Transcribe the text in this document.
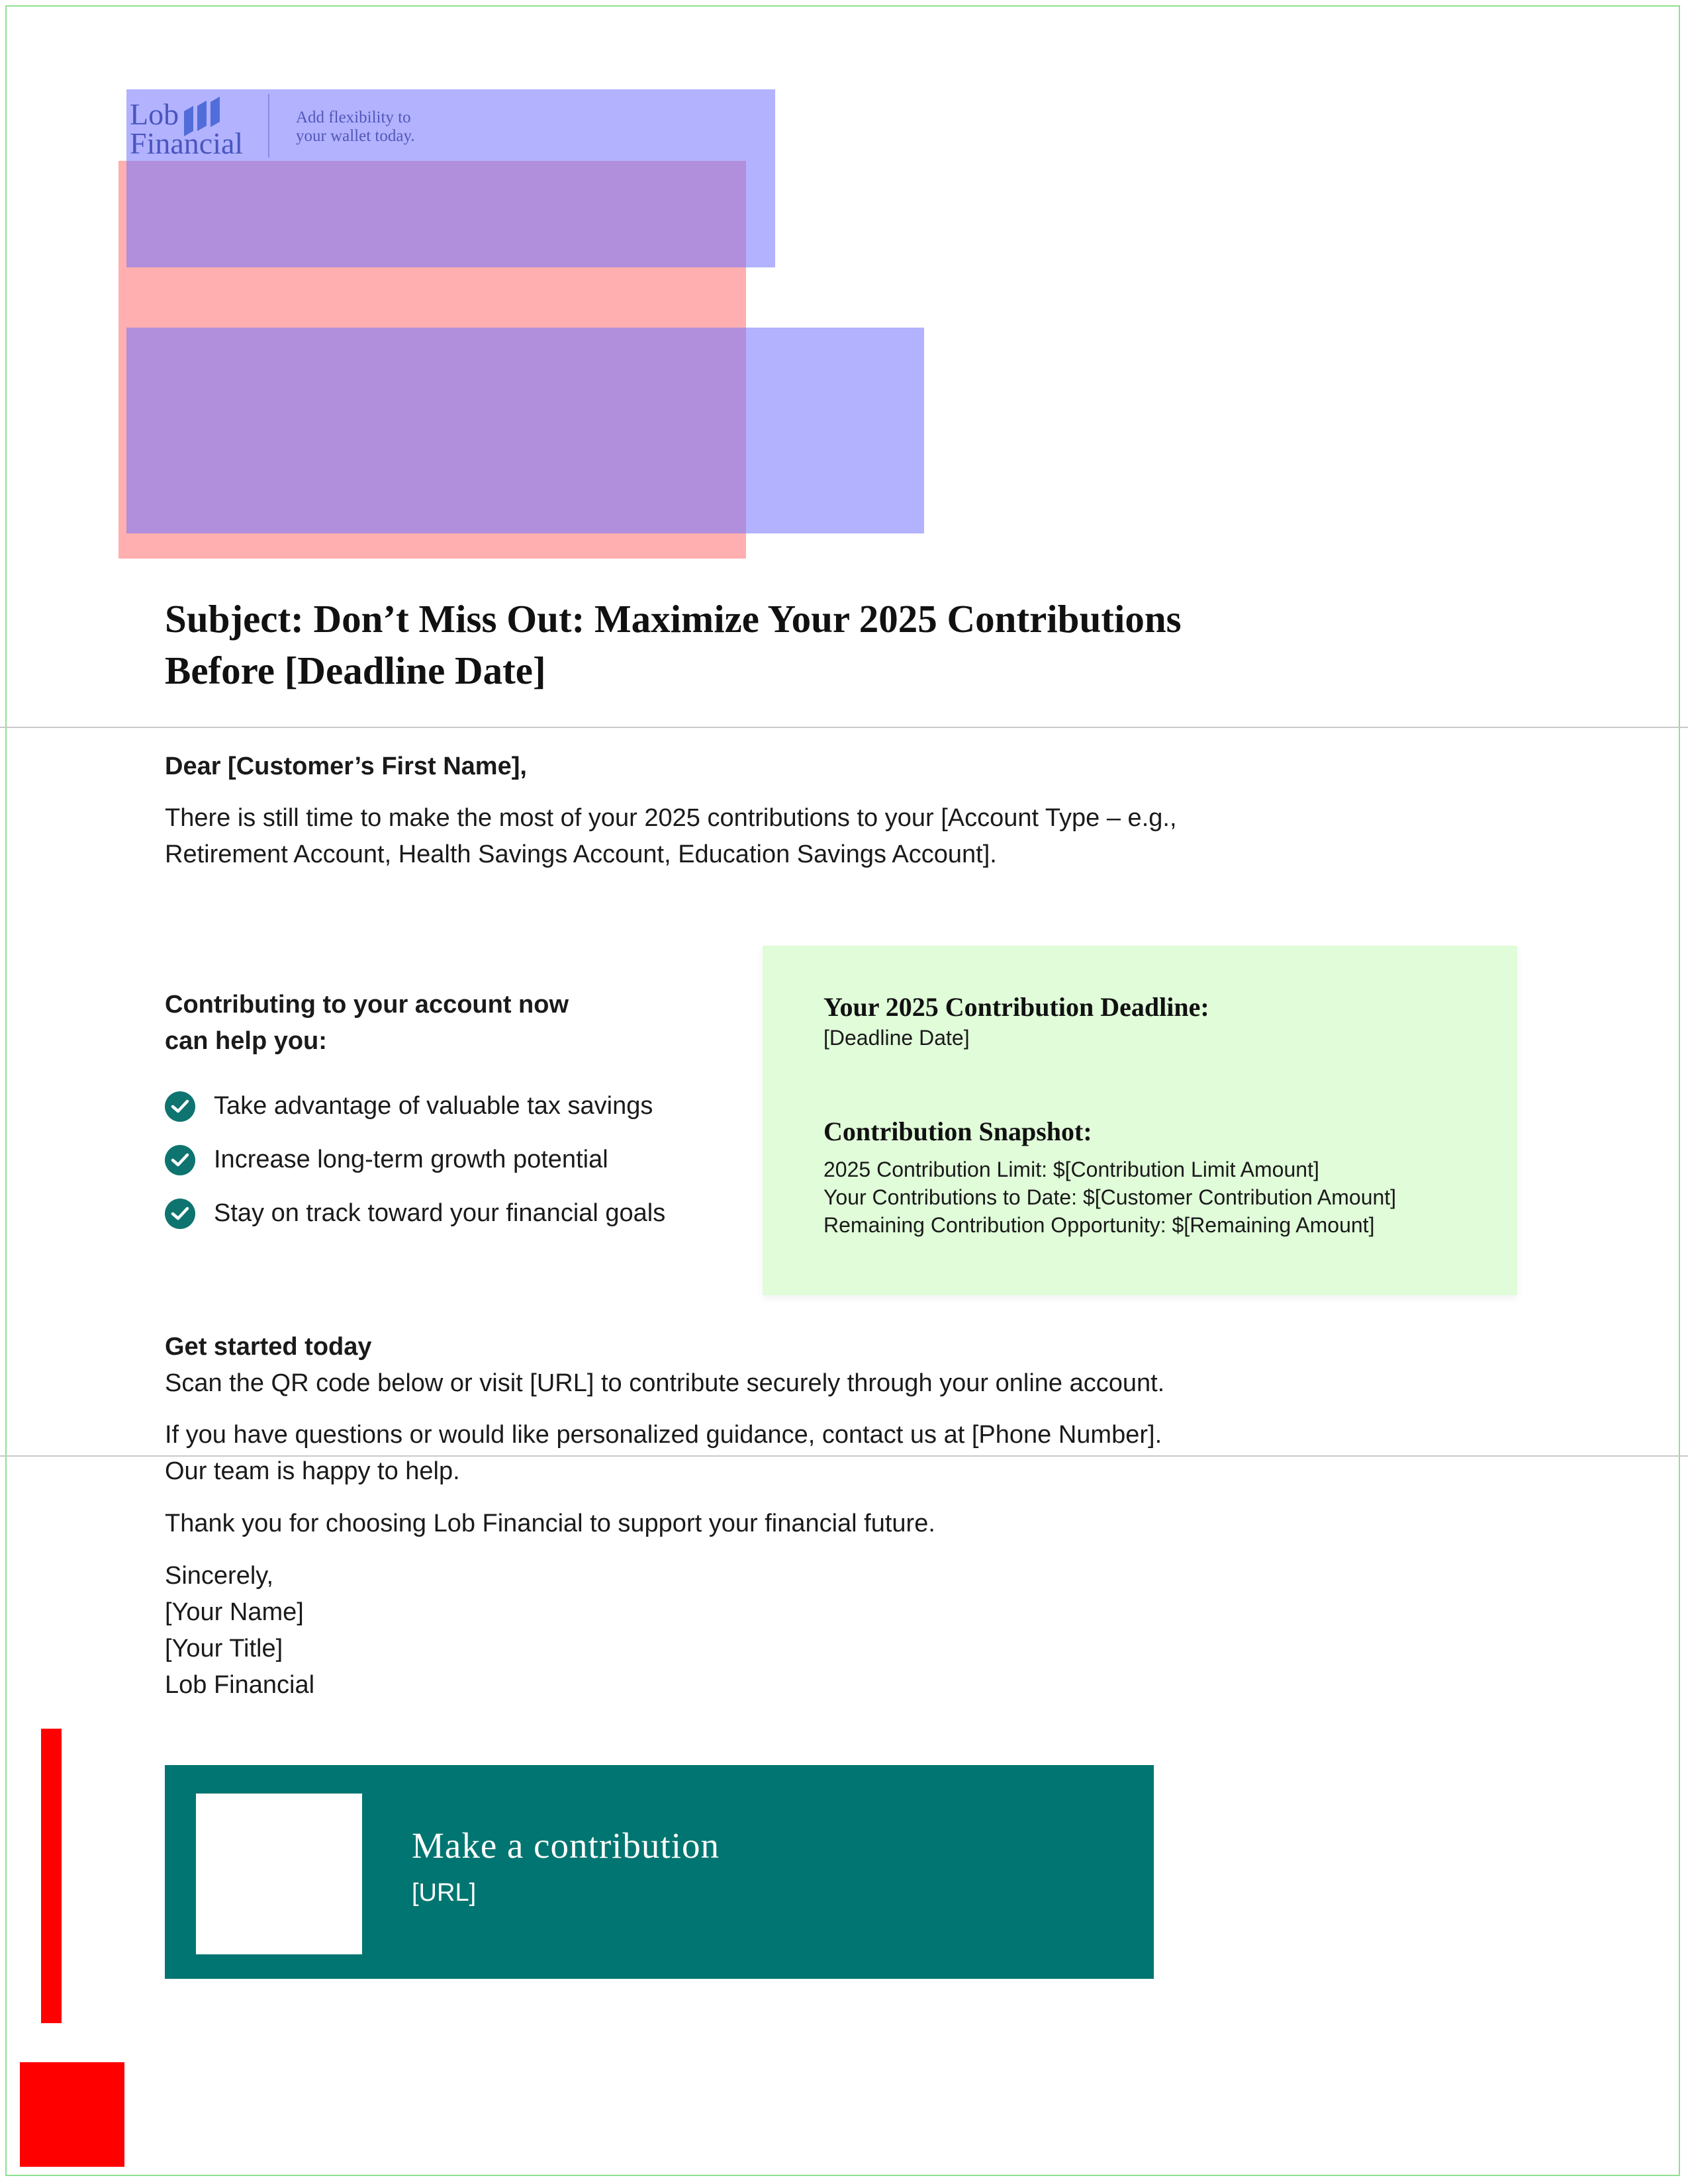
Subject: Don’t Miss Out: Maximize Your 2025 Contributions
Before [Deadline Date]
Dear [Customer’s First Name],
There is still time to make the most of your 2025 contributions to your [Account Type – e.g.,
Retirement Account, Health Savings Account, Education Savings Account].
Contributing to your account now
can help you:
Take advantage of valuable tax savings
Increase long-term growth potential
Stay on track toward your financial goals
Your 2025 Contribution Deadline:
[Deadline Date]
Contribution Snapshot:
2025 Contribution Limit: $[Contribution Limit Amount]
Your Contributions to Date: $[Customer Contribution Amount]
Remaining Contribution Opportunity: $[Remaining Amount]
Get started today
Scan the QR code below or visit [URL] to contribute securely through your online account.
If you have questions or would like personalized guidance, contact us at [Phone Number].
Our team is happy to help.
Thank you for choosing Lob Financial to support your financial future.
Sincerely,
[Your Name]
[Your Title]
Lob Financial
Make a contribution
[URL]
